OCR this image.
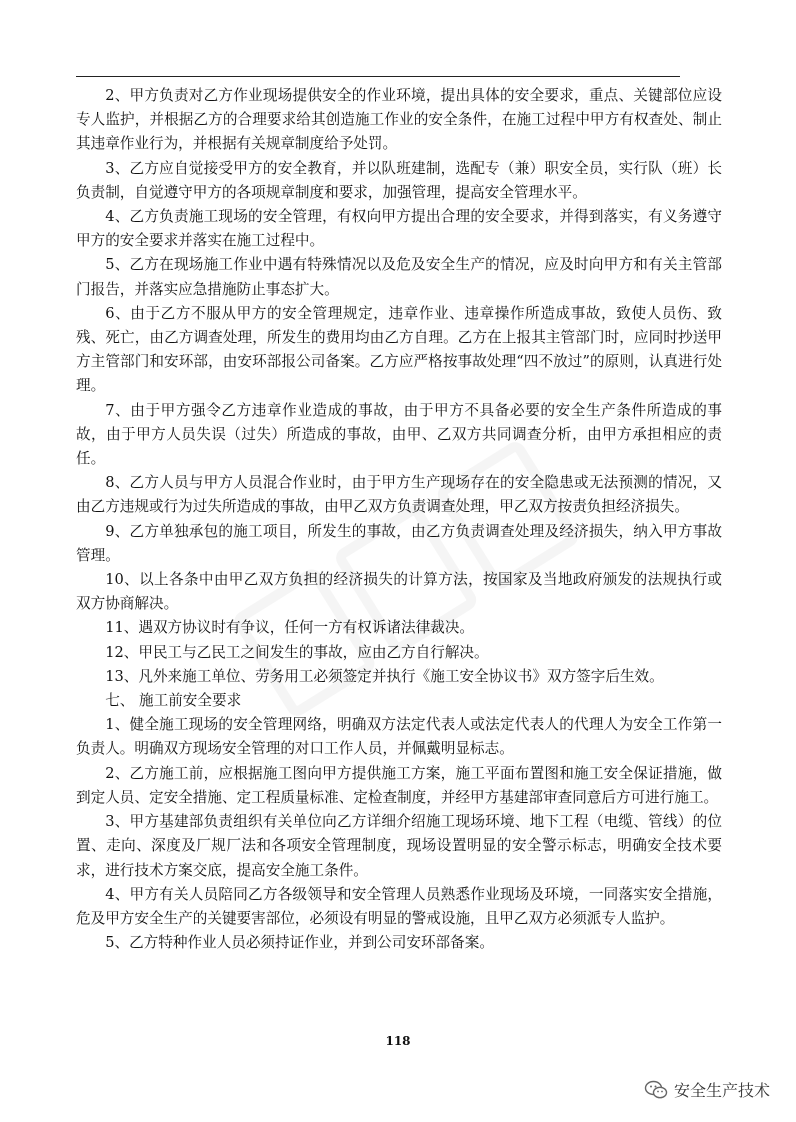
2、甲方负责对乙方作业现场提供安全的作业环境，提出具体的安全要求，重点、关键部位应设专人监护，并根据乙方的合理要求给其创造施工作业的安全条件，在施工过程中甲方有权查处、制止其违章作业行为，并根据有关规章制度给予处罚。

3、乙方应自觉接受甲方的安全教育，并以队班建制，选配专（兼）职安全员，实行队（班）长负责制，自觉遵守甲方的各项规章制度和要求，加强管理，提高安全管理水平。

4、乙方负责施工现场的安全管理，有权向甲方提出合理的安全要求，并得到落实，有义务遵守甲方的安全要求并落实在施工过程中。

5、乙方在现场施工作业中遇有特殊情况以及危及安全生产的情况，应及时向甲方和有关主管部门报告，并落实应急措施防止事态扩大。

6、由于乙方不服从甲方的安全管理规定，违章作业、违章操作所造成事故，致使人员伤、致残、死亡，由乙方调查处理，所发生的费用均由乙方自理。乙方在上报其主管部门时，应同时抄送甲方主管部门和安环部，由安环部报公司备案。乙方应严格按事故处理“四不放过”的原则，认真进行处理。

7、由于甲方强令乙方违章作业造成的事故，由于甲方不具备必要的安全生产条件所造成的事故，由于甲方人员失误（过失）所造成的事故，由甲、乙双方共同调查分析，由甲方承担相应的责任。

8、乙方人员与甲方人员混合作业时，由于甲方生产现场存在的安全隐患或无法预测的情况，又由乙方违规或行为过失所造成的事故，由甲乙双方负责调查处理，甲乙双方按责负担经济损失。

9、乙方单独承包的施工项目，所发生的事故，由乙方负责调查处理及经济损失，纳入甲方事故管理。

10、以上各条中由甲乙双方负担的经济损失的计算方法，按国家及当地政府颁发的法规执行或双方协商解决。

11、遇双方协议时有争议，任何一方有权诉诸法律裁决。

12、甲民工与乙民工之间发生的事故，应由乙方自行解决。

13、凡外来施工单位、劳务用工必须签定并执行《施工安全协议书》双方签字后生效。

七、 施工前安全要求

1、健全施工现场的安全管理网络，明确双方法定代表人或法定代表人的代理人为安全工作第一负责人。明确双方现场安全管理的对口工作人员，并佩戴明显标志。

2、乙方施工前，应根据施工图向甲方提供施工方案，施工平面布置图和施工安全保证措施，做到定人员、定安全措施、定工程质量标准、定检查制度，并经甲方基建部审查同意后方可进行施工。

3、甲方基建部负责组织有关单位向乙方详细介绍施工现场环境、地下工程（电缆、管线）的位置、走向、深度及厂规厂法和各项安全管理制度，现场设置明显的安全警示标志，明确安全技术要求，进行技术方案交底，提高安全施工条件。

4、甲方有关人员陪同乙方各级领导和安全管理人员熟悉作业现场及环境，一同落实安全措施，危及甲方安全生产的关键要害部位，必须设有明显的警戒设施，且甲乙双方必须派专人监护。

5、乙方特种作业人员必须持证作业，并到公司安环部备案。

118
安全生产技术
